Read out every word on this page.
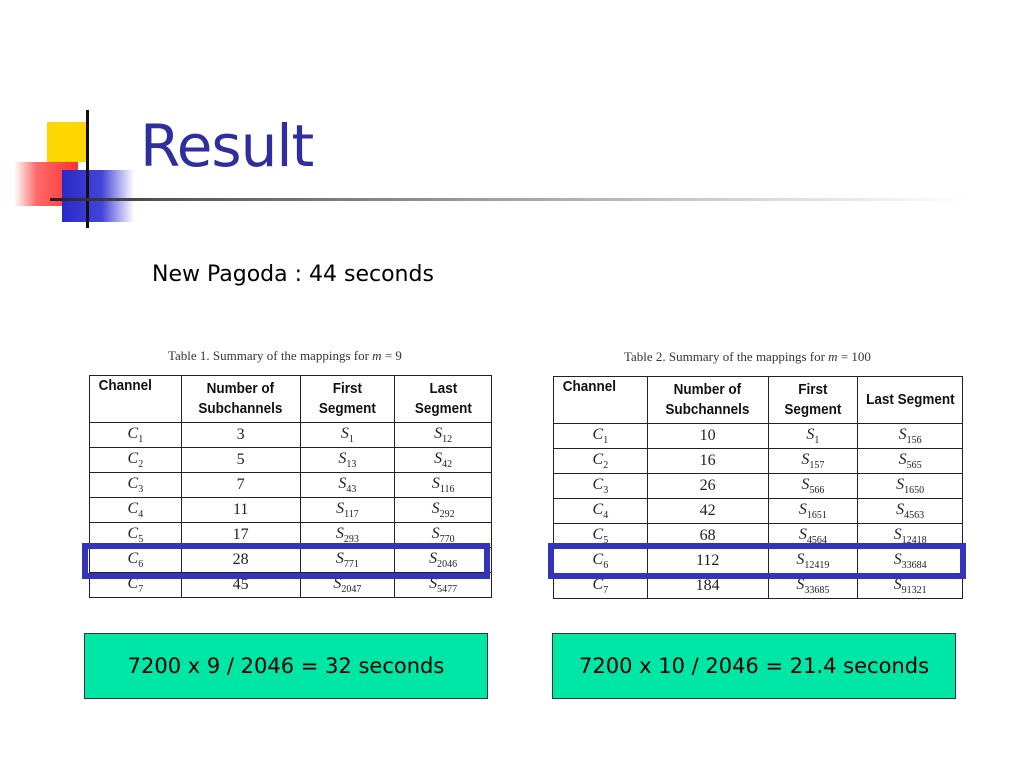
Result
New Pagoda : 44 seconds
Table 1. Summary of the mappings for m = 9
Channel	Number of Subchannels	First Segment	Last Segment
$C_1$	3	$S_1$	$S_{12}$
$C_2$	5	$S_{13}$	$S_{42}$
$C_3$	7	$S_{43}$	$S_{116}$
$C_4$	11	$S_{117}$	$S_{292}$
$C_5$	17	$S_{293}$	$S_{770}$
$C_6$	28	$S_{771}$	$S_{2046}$
$C_7$	45	$S_{2047}$	$S_{5477}$
7200 x 9 / 2046 = 32 seconds
Table 2. Summary of the mappings for m = 100
Channel	Number of Subchannels	First Segment	Last Segment
$C_1$	10	$S_1$	$S_{156}$
$C_2$	16	$S_{157}$	$S_{565}$
$C_3$	26	$S_{566}$	$S_{1650}$
$C_4$	42	$S_{1651}$	$S_{4563}$
$C_5$	68	$S_{4564}$	$S_{12418}$
$C_6$	112	$S_{12419}$	$S_{33684}$
$C_7$	184	$S_{33685}$	$S_{91321}$
7200 x 10 / 2046 = 21.4 seconds
